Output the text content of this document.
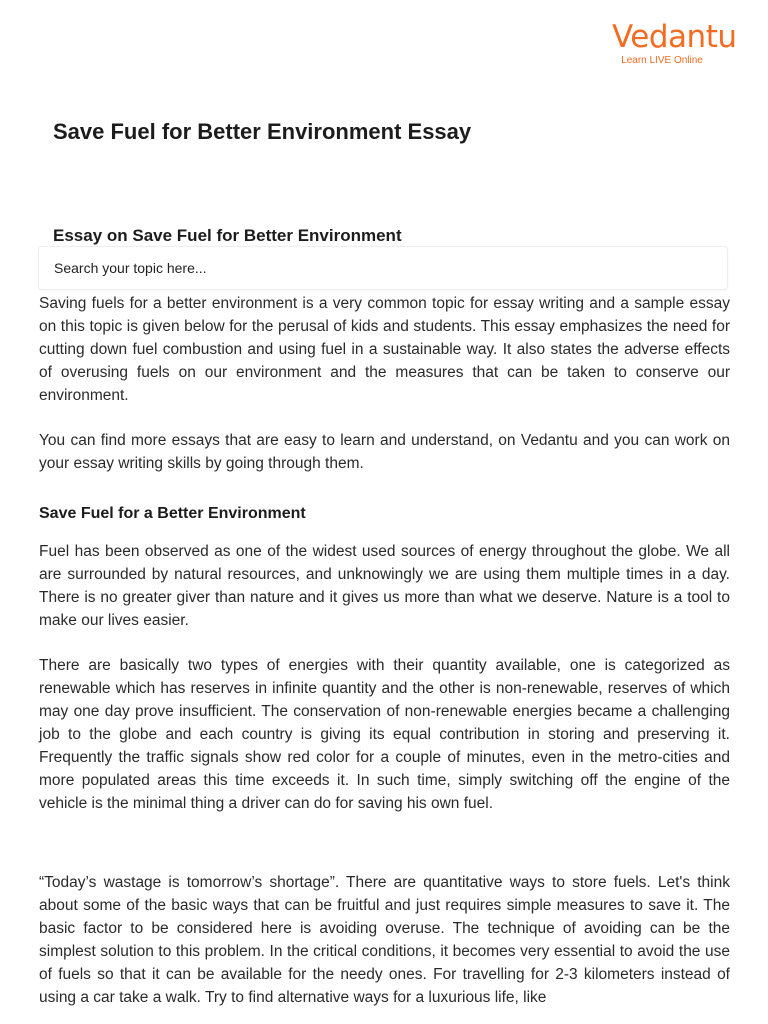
Vedantu
Learn LIVE Online
Save Fuel for Better Environment Essay
Essay on Save Fuel for Better Environment
Search your topic here...

Saving fuels for a better environment is a very common topic for essay writing and a sample essay on this topic is given below for the perusal of kids and students. This essay emphasizes the need for cutting down fuel combustion and using fuel in a sustainable way. It also states the adverse effects of overusing fuels on our environment and the measures that can be taken to conserve our environment.

You can find more essays that are easy to learn and understand, on Vedantu and you can work on your essay writing skills by going through them.

Save Fuel for a Better Environment

Fuel has been observed as one of the widest used sources of energy throughout the globe. We all are surrounded by natural resources, and unknowingly we are using them multiple times in a day. There is no greater giver than nature and it gives us more than what we deserve. Nature is a tool to make our lives easier.

There are basically two types of energies with their quantity available, one is categorized as renewable which has reserves in infinite quantity and the other is non-renewable, reserves of which may one day prove insufficient. The conservation of non-renewable energies became a challenging job to the globe and each country is giving its equal contribution in storing and preserving it. Frequently the traffic signals show red color for a couple of minutes, even in the metro-cities and more populated areas this time exceeds it. In such time, simply switching off the engine of the vehicle is the minimal thing a driver can do for saving his own fuel.

“Today’s wastage is tomorrow’s shortage”. There are quantitative ways to store fuels. Let's think about some of the basic ways that can be fruitful and just requires simple measures to save it. The basic factor to be considered here is avoiding overuse. The technique of avoiding can be the simplest solution to this problem. In the critical conditions, it becomes very essential to avoid the use of fuels so that it can be available for the needy ones. For travelling for 2-3 kilometers instead of using a car take a walk. Try to find alternative ways for a luxurious life, like
